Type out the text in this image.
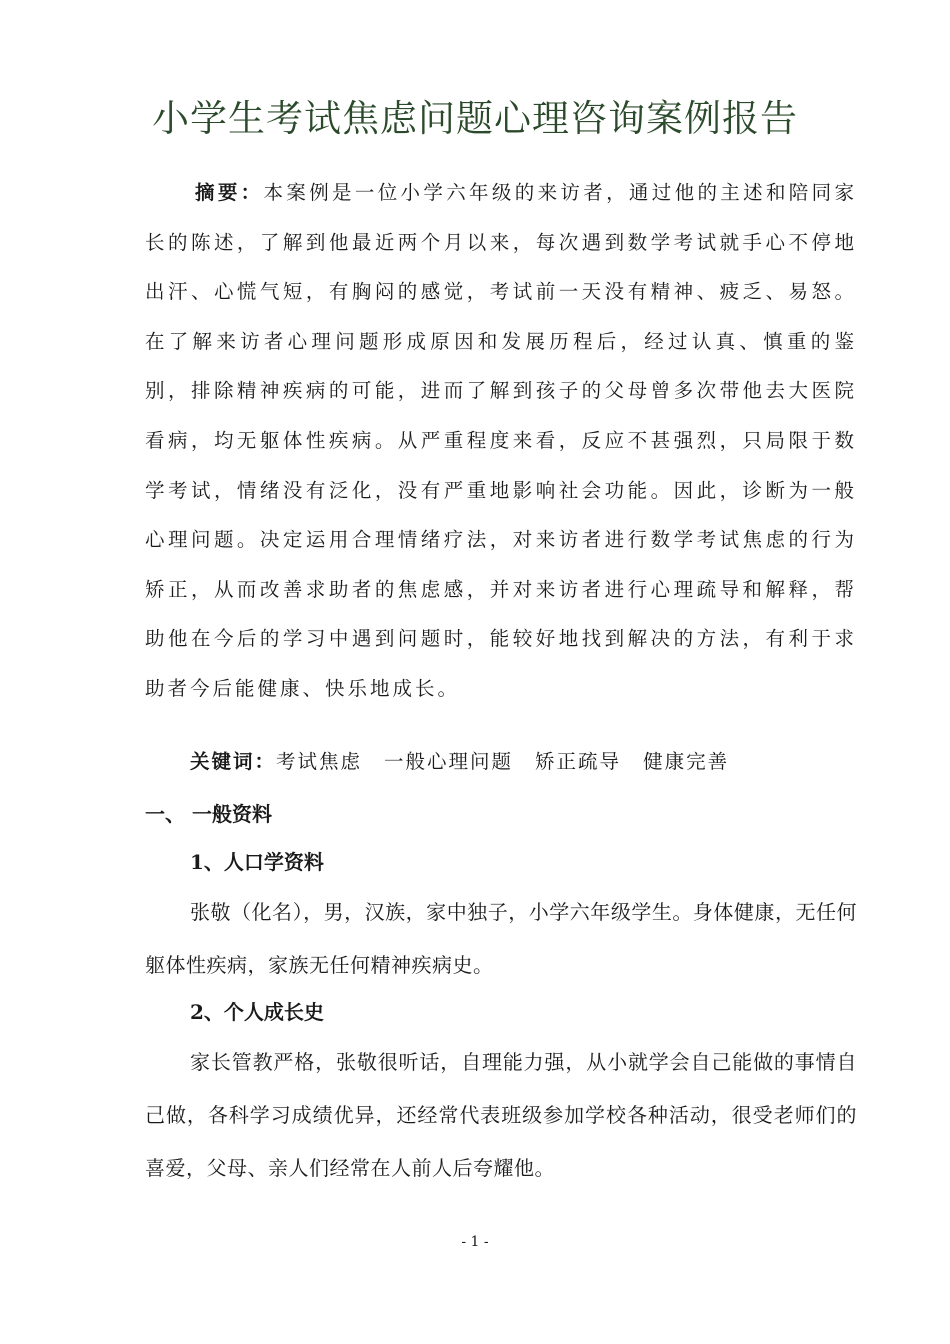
小学生考试焦虑问题心理咨询案例报告

摘要：本案例是一位小学六年级的来访者，通过他的主述和陪同家长的陈述，了解到他最近两个月以来，每次遇到数学考试就手心不停地出汗、心慌气短，有胸闷的感觉，考试前一天没有精神、疲乏、易怒。在了解来访者心理问题形成原因和发展历程后，经过认真、慎重的鉴别，排除精神疾病的可能，进而了解到孩子的父母曾多次带他去大医院看病，均无躯体性疾病。从严重程度来看，反应不甚强烈，只局限于数学考试，情绪没有泛化，没有严重地影响社会功能。因此，诊断为一般心理问题。决定运用合理情绪疗法，对来访者进行数学考试焦虑的行为矫正，从而改善求助者的焦虑感，并对来访者进行心理疏导和解释，帮助他在今后的学习中遇到问题时，能较好地找到解决的方法，有利于求助者今后能健康、快乐地成长。

关键词：考试焦虑 一般心理问题 矫正疏导 健康完善
一、 一般资料
1、人口学资料

张敬（化名），男，汉族，家中独子，小学六年级学生。身体健康，无任何躯体性疾病，家族无任何精神疾病史。

2、个人成长史

家长管教严格，张敬很听话，自理能力强，从小就学会自己能做的事情自己做，各科学习成绩优异，还经常代表班级参加学校各种活动，很受老师们的喜爱，父母、亲人们经常在人前人后夸耀他。

- 1 -
